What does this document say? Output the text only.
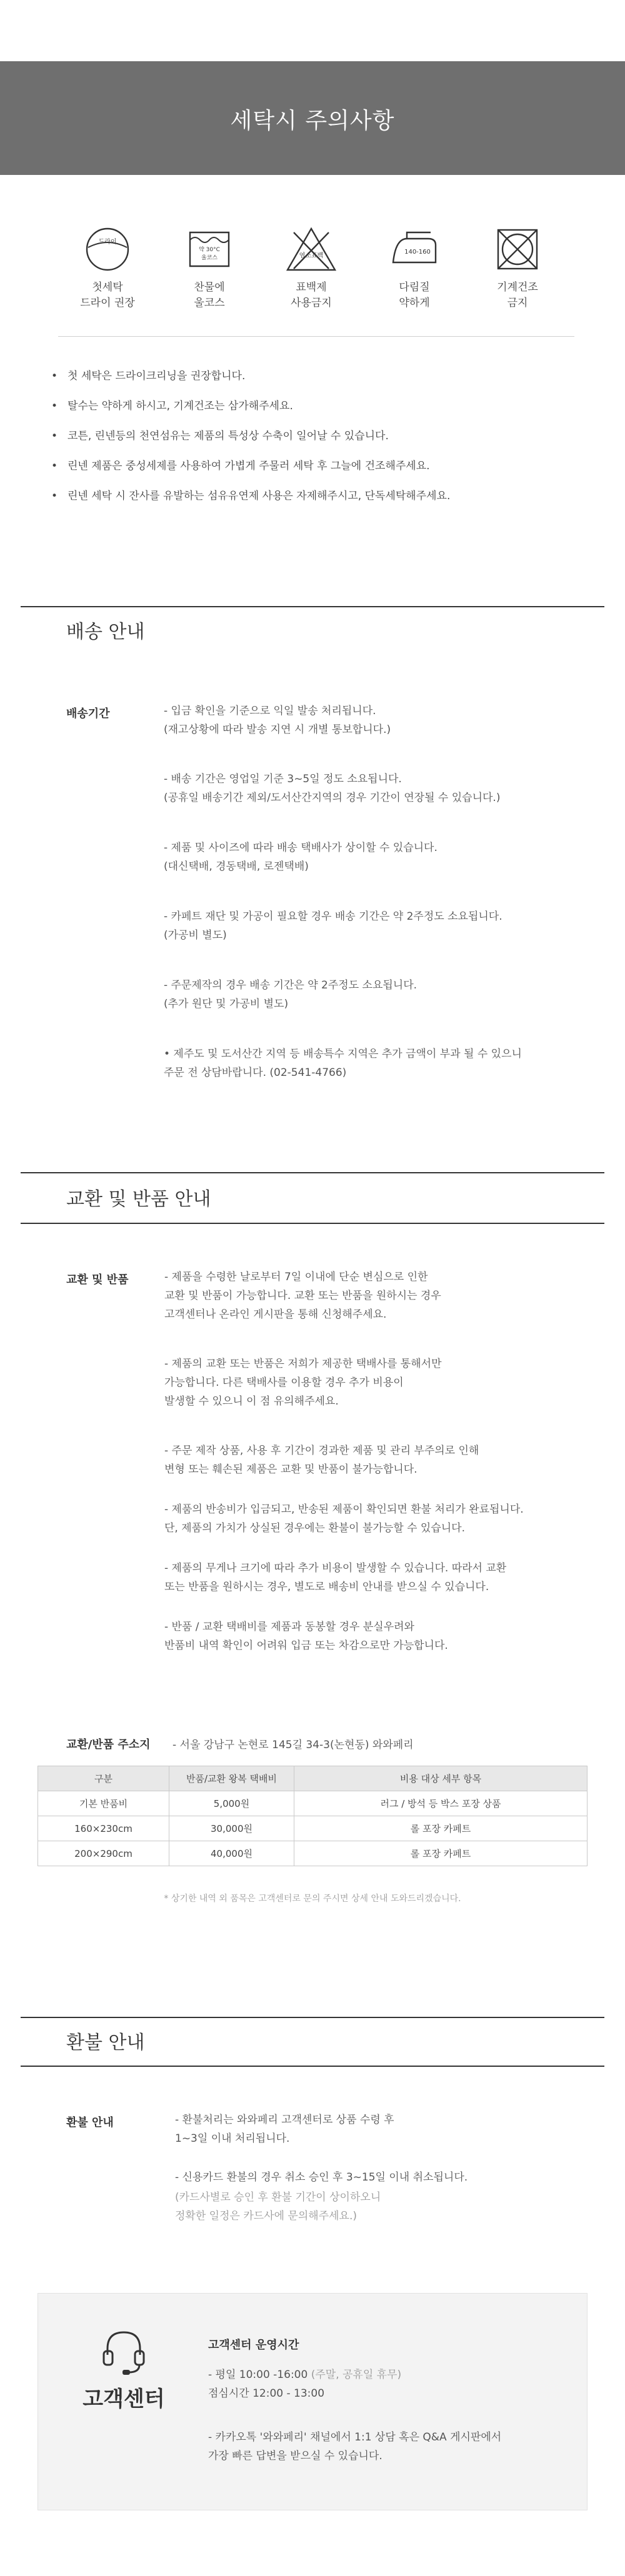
세탁시 주의사항
드라이
첫세탁
드라이 권장
약 30°C
울코스
찬물에
울코스
염소표백
표백제
사용금지
140-160
다림질
약하게
기계건조
금지
• 첫 세탁은 드라이크리닝을 권장합니다.
• 탈수는 약하게 하시고, 기계건조는 삼가해주세요.
• 코튼, 린넨등의 천연섬유는 제품의 특성상 수축이 일어날 수 있습니다.
• 린넨 제품은 중성세제를 사용하여 가볍게 주물러 세탁 후 그늘에 건조해주세요.
• 린넨 세탁 시 잔사를 유발하는 섬유유연제 사용은 자제해주시고, 단독세탁해주세요.
배송 안내
배송기간	- 입금 확인을 기준으로 익일 발송 처리됩니다.
(재고상황에 따라 발송 지연 시 개별 통보합니다.)
- 배송 기간은 영업일 기준 3~5일 정도 소요됩니다.
(공휴일 배송기간 제외/도서산간지역의 경우 기간이 연장될 수 있습니다.)
- 제품 및 사이즈에 따라 배송 택배사가 상이할 수 있습니다.
(대신택배, 경동택배, 로젠택배)
- 카페트 재단 및 가공이 필요할 경우 배송 기간은 약 2주정도 소요됩니다.
(가공비 별도)
- 주문제작의 경우 배송 기간은 약 2주정도 소요됩니다.
(추가 원단 및 가공비 별도)
• 제주도 및 도서산간 지역 등 배송특수 지역은 추가 금액이 부과 될 수 있으니
주문 전 상담바랍니다. (02-541-4766)
교환 및 반품 안내
교환 및 반품	- 제품을 수령한 날로부터 7일 이내에 단순 변심으로 인한
교환 및 반품이 가능합니다. 교환 또는 반품을 원하시는 경우
고객센터나 온라인 게시판을 통해 신청해주세요.
- 제품의 교환 또는 반품은 저희가 제공한 택배사를 통해서만
가능합니다. 다른 택배사를 이용할 경우 추가 비용이
발생할 수 있으니 이 점 유의해주세요.
- 주문 제작 상품, 사용 후 기간이 경과한 제품 및 관리 부주의로 인해
변형 또는 훼손된 제품은 교환 및 반품이 불가능합니다.
- 제품의 반송비가 입금되고, 반송된 제품이 확인되면 환불 처리가 완료됩니다.
단, 제품의 가치가 상실된 경우에는 환불이 불가능할 수 있습니다.
- 제품의 무게나 크기에 따라 추가 비용이 발생할 수 있습니다. 따라서 교환
또는 반품을 원하시는 경우, 별도로 배송비 안내를 받으실 수 있습니다.
- 반품 / 교환 택배비를 제품과 동봉할 경우 분실우려와
반품비 내역 확인이 어려워 입금 또는 차감으로만 가능합니다.
교환/반품 주소지 - 서울 강남구 논현로 145길 34-3(논현동) 와와페리
구분	반품/교환 왕복 택배비	비용 대상 세부 항목
기본 반품비	5,000원	러그 / 방석 등 박스 포장 상품
160×230cm	30,000원	롤 포장 카페트
200×290cm	40,000원	롤 포장 카페트
* 상기한 내역 외 품목은 고객센터로 문의 주시면 상세 안내 도와드리겠습니다.
환불 안내
환불 안내	- 환불처리는 와와페리 고객센터로 상품 수령 후
1~3일 이내 처리됩니다.
- 신용카드 환불의 경우 취소 승인 후 3~15일 이내 취소됩니다.
(카드사별로 승인 후 환불 기간이 상이하오니
정확한 일정은 카드사에 문의해주세요.)
고객센터
고객센터 운영시간
- 평일 10:00 -16:00 (주말, 공휴일 휴무)
점심시간 12:00 - 13:00
- 카카오톡 '와와페리' 채널에서 1:1 상담 혹은 Q&A 게시판에서
가장 빠른 답변을 받으실 수 있습니다.
